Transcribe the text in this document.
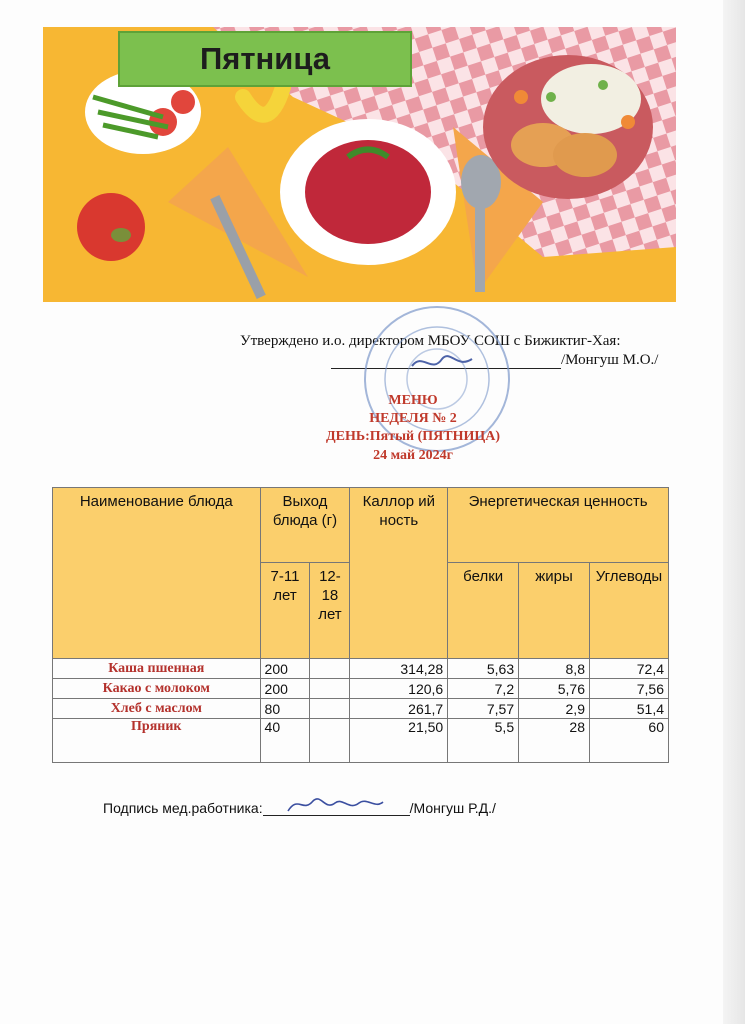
Пятница
Утверждено и.о. директором МБОУ СОШ с Бижиктиг-Хая:
/Монгуш М.О./
МЕНЮ
НЕДЕЛЯ № 2
ДЕНЬ:Пятый (ПЯТНИЦА)
24 май 2024г
Наименование блюда	Выход блюда (г)		Каллор ий ность	Энергетическая ценность		
	7-11 лет	12-18 лет		белки	жиры	Углеводы
Каша пшенная	200		314,28	5,63	8,8	72,4
Какао с молоком	200		120,6	7,2	5,76	7,56
Хлеб с маслом	80		261,7	7,57	2,9	51,4
Пряник	40		21,50	5,5	28	60
Подпись мед.работника:	/Монгуш Р.Д./
